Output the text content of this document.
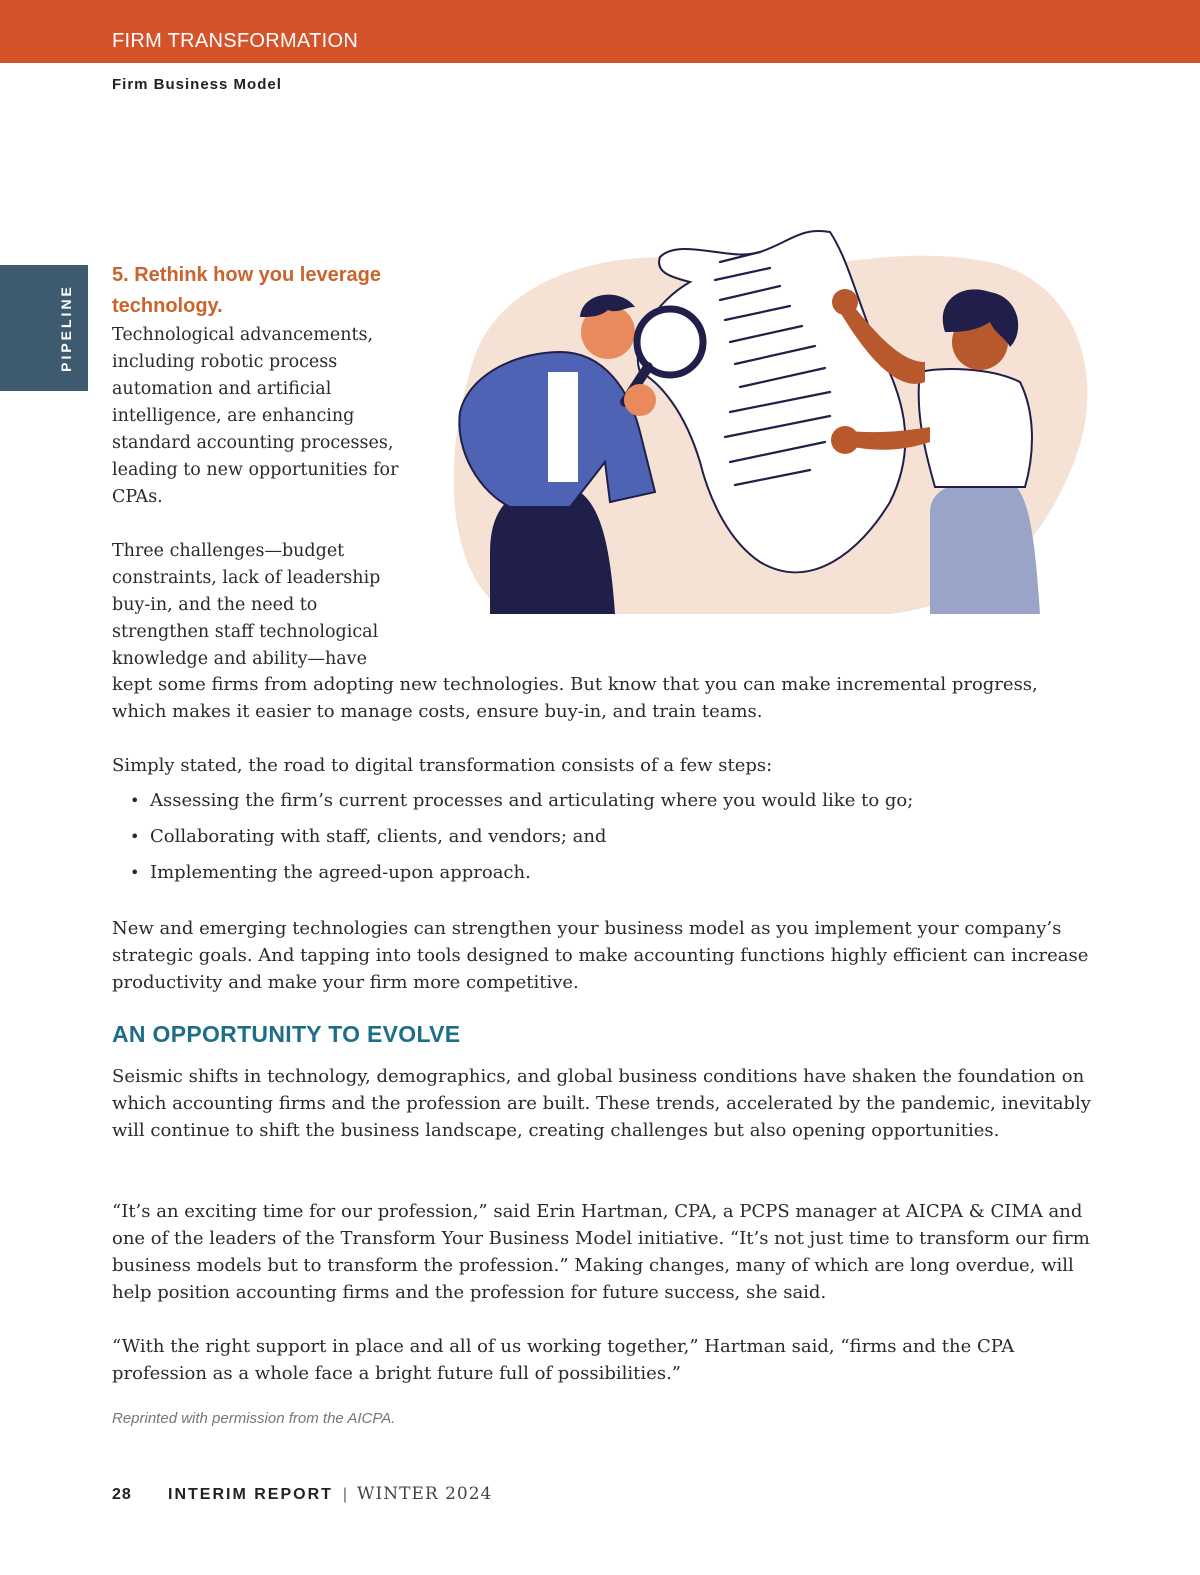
FIRM TRANSFORMATION
Firm Business Model
PIPELINE
5. Rethink how you leverage technology.

Technological advancements, including robotic process automation and artificial intelligence, are enhancing standard accounting processes, leading to new opportunities for CPAs.

Three challenges—budget constraints, lack of leadership buy-in, and the need to strengthen staff technological knowledge and ability—have

kept some firms from adopting new technologies. But know that you can make incremental progress, which makes it easier to manage costs, ensure buy-in, and train teams.
Simply stated, the road to digital transformation consists of a few steps:
• Assessing the firm’s current processes and articulating where you would like to go;
• Collaborating with staff, clients, and vendors; and
• Implementing the agreed-upon approach.
New and emerging technologies can strengthen your business model as you implement your company’s strategic goals. And tapping into tools designed to make accounting functions highly efficient can increase productivity and make your firm more competitive.
AN OPPORTUNITY TO EVOLVE
Seismic shifts in technology, demographics, and global business conditions have shaken the foundation on which accounting firms and the profession are built. These trends, accelerated by the pandemic, inevitably will continue to shift the business landscape, creating challenges but also opening opportunities.
“It’s an exciting time for our profession,” said Erin Hartman, CPA, a PCPS manager at AICPA & CIMA and one of the leaders of the Transform Your Business Model initiative. “It’s not just time to transform our firm business models but to transform the profession.” Making changes, many of which are long overdue, will help position accounting firms and the profession for future success, she said.
“With the right support in place and all of us working together,” Hartman said, “firms and the CPA profession as a whole face a bright future full of possibilities.”
Reprinted with permission from the AICPA.
28	INTERIM REPORT | WINTER 2024
